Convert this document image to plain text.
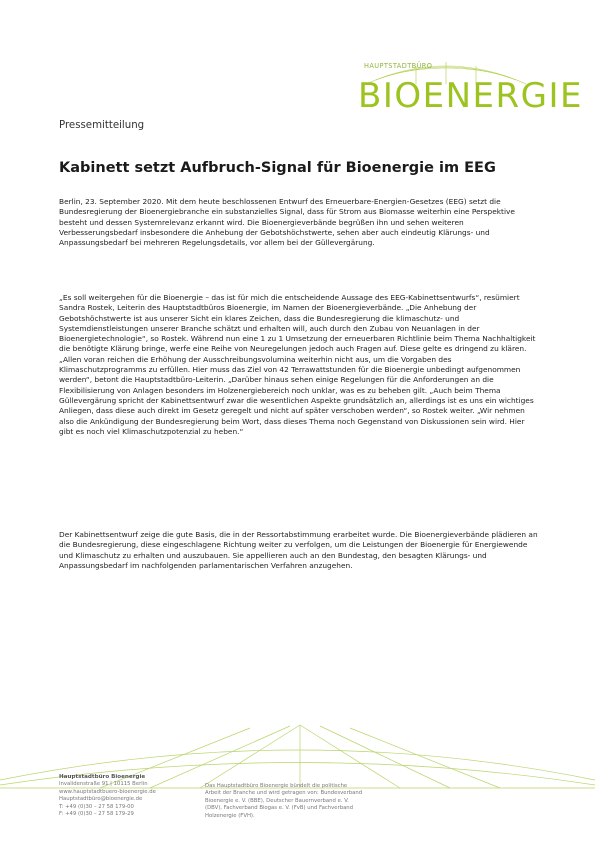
HAUPTSTADTBÜRO
BIOENERGIE
Pressemitteilung
Kabinett setzt Aufbruch-Signal für Bioenergie im EEG

Berlin, 23. September 2020. Mit dem heute beschlossenen Entwurf des Erneuerbare-Energien-Gesetzes (EEG) setzt die Bundesregierung der Bioenergiebranche ein substanzielles Signal, dass für Strom aus Biomasse weiterhin eine Perspektive besteht und dessen Systemrelevanz erkannt wird. Die Bioenergieverbände begrüßen ihn und sehen weiteren Verbesserungsbedarf insbesondere die Anhebung der Gebotshöchstwerte, sehen aber auch eindeutig Klärungs- und Anpassungsbedarf bei mehreren Regelungsdetails, vor allem bei der Güllevergärung.

„Es soll weitergehen für die Bioenergie – das ist für mich die entscheidende Aussage des EEG-Kabinettsentwurfs“, resümiert Sandra Rostek, Leiterin des Hauptstadtbüros Bioenergie, im Namen der Bioenergieverbände. „Die Anhebung der Gebotshöchstwerte ist aus unserer Sicht ein klares Zeichen, dass die Bundesregierung die klimaschutz- und Systemdienstleistungen unserer Branche schätzt und erhalten will, auch durch den Zubau von Neuanlagen in der Bioenergietechnologie“, so Rostek. Während nun eine 1 zu 1 Umsetzung der erneuerbaren Richtlinie beim Thema Nachhaltigkeit die benötigte Klärung bringe, werfe eine Reihe von Neuregelungen jedoch auch Fragen auf. Diese gelte es dringend zu klären. „Allen voran reichen die Erhöhung der Ausschreibungsvolumina weiterhin nicht aus, um die Vorgaben des Klimaschutzprogramms zu erfüllen. Hier muss das Ziel von 42 Terrawattstunden für die Bioenergie unbedingt aufgenommen werden“, betont die Hauptstadtbüro-Leiterin. „Darüber hinaus sehen einige Regelungen für die Anforderungen an die Flexibilisierung von Anlagen besonders im Holzenergiebereich noch unklar, was es zu beheben gilt. „Auch beim Thema Güllevergärung spricht der Kabinettsentwurf zwar die wesentlichen Aspekte grundsätzlich an, allerdings ist es uns ein wichtiges Anliegen, dass diese auch direkt im Gesetz geregelt und nicht auf später verschoben werden“, so Rostek weiter. „Wir nehmen also die Ankündigung der Bundesregierung beim Wort, dass dieses Thema noch Gegenstand von Diskussionen sein wird. Hier gibt es noch viel Klimaschutzpotenzial zu heben.“

Der Kabinettsentwurf zeige die gute Basis, die in der Ressortabstimmung erarbeitet wurde. Die Bioenergieverbände plädieren an die Bundesregierung, diese eingeschlagene Richtung weiter zu verfolgen, um die Leistungen der Bioenergie für Energiewende und Klimaschutz zu erhalten und auszubauen. Sie appellieren auch an den Bundestag, den besagten Klärungs- und Anpassungsbedarf im nachfolgenden parlamentarischen Verfahren anzugehen.

Hauptstadtbüro Bioenergie
Invalidenstraße 91 | 10115 Berlin
www.hauptstadtbuero-bioenergie.de
Hauptstadtbüro@bioenergie.de
T: +49 (0)30 – 27 58 179-00
F: +49 (0)30 – 27 58 179-29
Das Hauptstadtbüro Bioenergie bündelt die politische
Arbeit der Branche und wird getragen von: Bundesverband
Bioenergie e. V. (BBE), Deutscher Bauernverband e. V.
(DBV), Fachverband Biogas e. V. (FvB) und Fachverband
Holzenergie (FVH).
